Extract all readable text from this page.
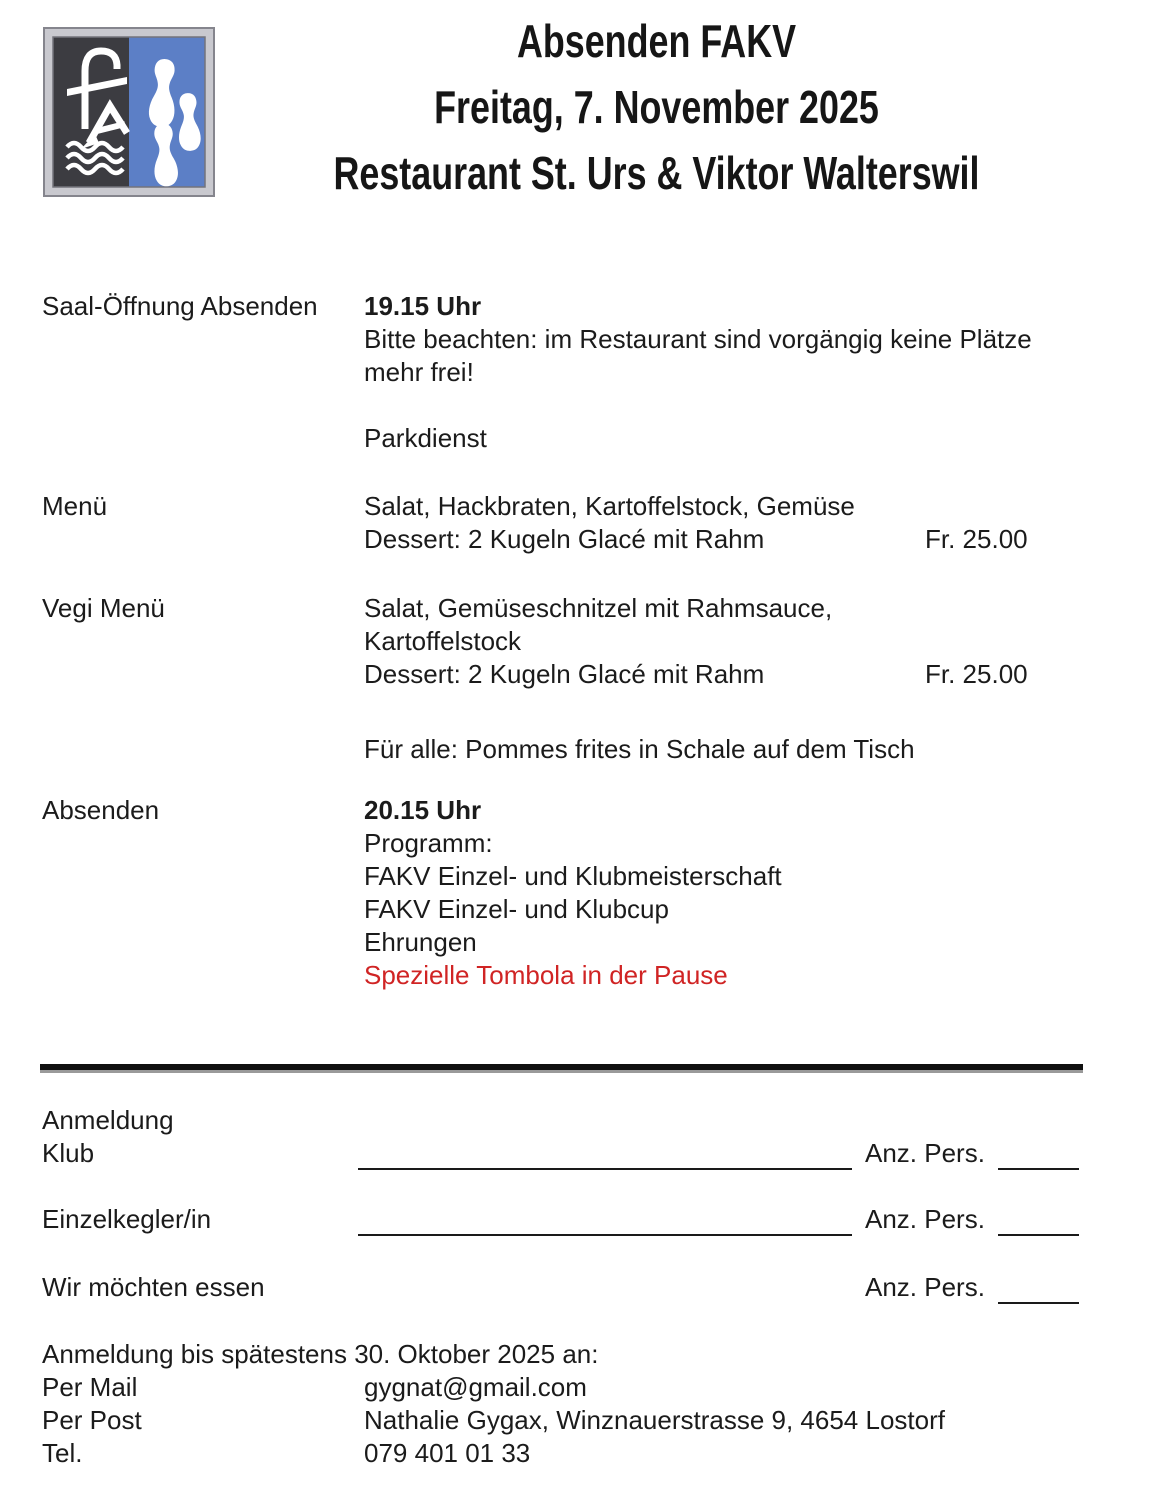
Absenden FAKV
Freitag, 7. November 2025
Restaurant St. Urs & Viktor Walterswil
Saal-Öffnung Absenden	19.15 Uhr
Bitte beachten: im Restaurant sind vorgängig keine Plätze
mehr frei!
Parkdienst
Menü	Salat, Hackbraten, Kartoffelstock, Gemüse
Dessert: 2 Kugeln Glacé mit Rahm	Fr. 25.00
Vegi Menü	Salat, Gemüseschnitzel mit Rahmsauce,
Kartoffelstock
Dessert: 2 Kugeln Glacé mit Rahm	Fr. 25.00
Für alle: Pommes frites in Schale auf dem Tisch
Absenden	20.15 Uhr
Programm:
FAKV Einzel- und Klubmeisterschaft
FAKV Einzel- und Klubcup
Ehrungen
Spezielle Tombola in der Pause
Anmeldung
Klub	Anz. Pers.
Einzelkegler/in	Anz. Pers.
Wir möchten essen	Anz. Pers.
Anmeldung bis spätestens 30. Oktober 2025 an:
Per Mail	gygnat@gmail.com
Per Post	Nathalie Gygax, Winznauerstrasse 9, 4654 Lostorf
Tel.	079 401 01 33
